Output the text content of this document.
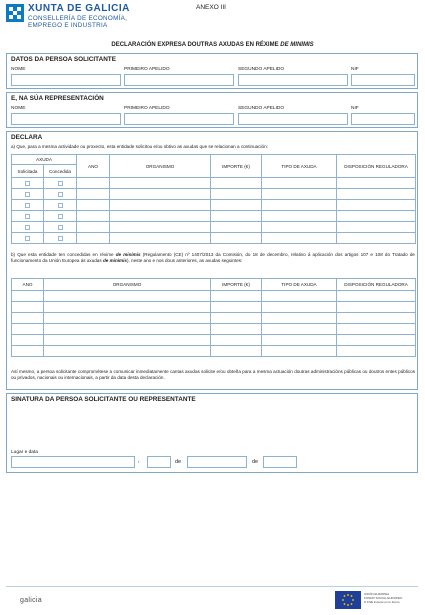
XUNTA DE GALICIA
CONSELLERÍA DE ECONOMÍA,
EMPREGO E INDUSTRIA
ANEXO III
DECLARACIÓN EXPRESA DOUTRAS AXUDAS EN RÉXIME DE MINIMIS
DATOS DA PERSOA SOLICITANTE
NOME	PRIMEIRO APELIDO	SEGUNDO APELIDO	NIF
E, NA SÚA REPRESENTACIÓN
NOME	PRIMEIRO APELIDO	SEGUNDO APELIDO	NIF
DECLARA
a) Que, para a mesma actividade ou proxecto, esta entidade solicitou e/ou obtivo as axudas que se relacionan a continuación:
AXUDA		ANO	ORGANISMO	IMPORTE (€)	TIPO DE AXUDA	DISPOSICIÓN REGULADORA
Solicitada	Concedida					

b) Que esta entidade ten concedidas en réxime de minimis (Regulamento (CE) nº 1407/2013 da Comisión, do 18 de decembro, relativo á aplicación dos artigos 107 e 108 do Tratado de funcionamento da Unión Europea ás axudas de minimis), neste ano e nos dous anteriores, as axudas seguintes:
ANO	ORGANISMO	IMPORTE (€)	TIPO DE AXUDA	DISPOSICIÓN REGULADORA

Así mesmo, a persoa solicitante comprométese a comunicar inmediatamente cantas axudas solicite e/ou obteña para a mesma actuación doutras administracións públicas ou doutros entes públicos ou privados, nacionais ou internacionais, a partir da data desta declaración.
SINATURA DA PERSOA SOLICITANTE OU REPRESENTANTE
Lugar e data
,	de	de
galicia
UNIÓN EUROPEA
FONDO SOCIAL EUROPEO
O FSE invierte en tu futuro
